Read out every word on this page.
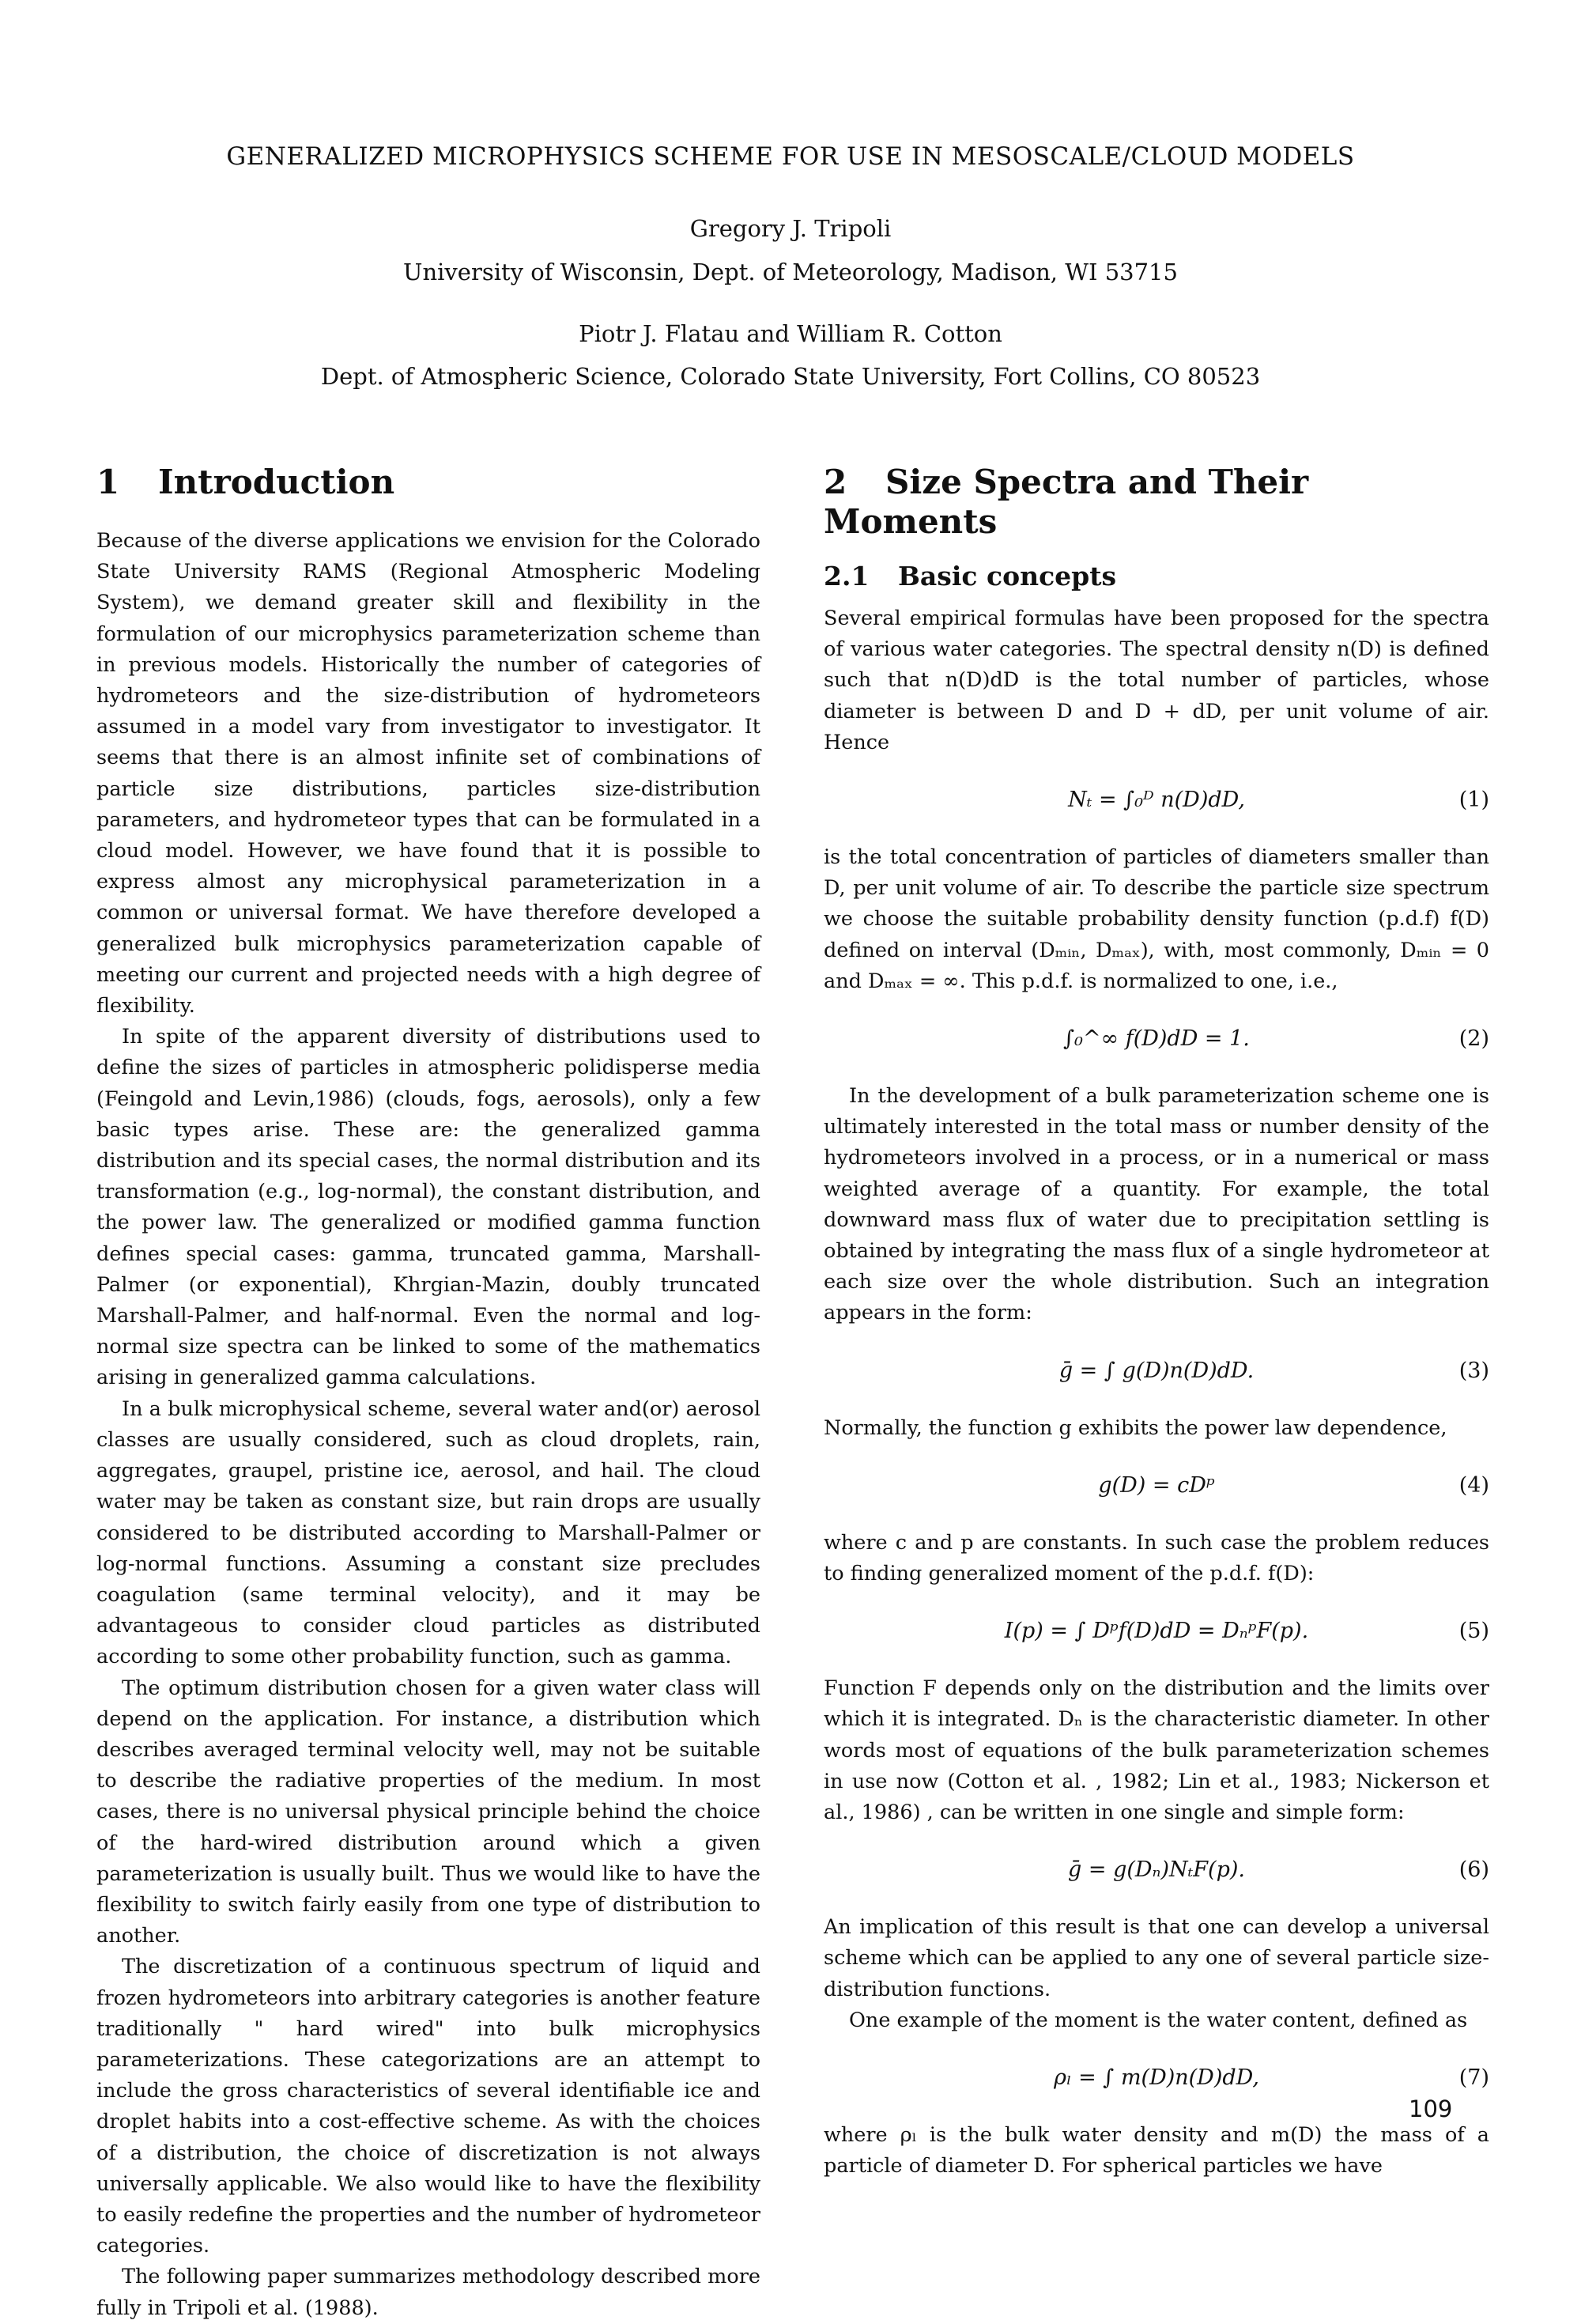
GENERALIZED MICROPHYSICS SCHEME FOR USE IN MESOSCALE/CLOUD MODELS
Gregory J. Tripoli
University of Wisconsin, Dept. of Meteorology, Madison, WI 53715
Piotr J. Flatau and William R. Cotton
Dept. of Atmospheric Science, Colorado State University, Fort Collins, CO 80523
1 Introduction

Because of the diverse applications we envision for the Colorado State University RAMS (Regional Atmospheric Modeling System), we demand greater skill and flexibility in the formulation of our microphysics parameterization scheme than in previous models. Historically the number of categories of hydrometeors and the size-distribution of hydrometeors assumed in a model vary from investigator to investigator. It seems that there is an almost infinite set of combinations of particle size distributions, particles size-distribution parameters, and hydrometeor types that can be formulated in a cloud model. However, we have found that it is possible to express almost any microphysical parameterization in a common or universal format. We have therefore developed a generalized bulk microphysics parameterization capable of meeting our current and projected needs with a high degree of flexibility.

In spite of the apparent diversity of distributions used to define the sizes of particles in atmospheric polidisperse media (Feingold and Levin,1986) (clouds, fogs, aerosols), only a few basic types arise. These are: the generalized gamma distribution and its special cases, the normal distribution and its transformation (e.g., log-normal), the constant distribution, and the power law. The generalized or modified gamma function defines special cases: gamma, truncated gamma, Marshall-Palmer (or exponential), Khrgian-Mazin, doubly truncated Marshall-Palmer, and half-normal. Even the normal and log-normal size spectra can be linked to some of the mathematics arising in generalized gamma calculations.

In a bulk microphysical scheme, several water and(or) aerosol classes are usually considered, such as cloud droplets, rain, aggregates, graupel, pristine ice, aerosol, and hail. The cloud water may be taken as constant size, but rain drops are usually considered to be distributed according to Marshall-Palmer or log-normal functions. Assuming a constant size precludes coagulation (same terminal velocity), and it may be advantageous to consider cloud particles as distributed according to some other probability function, such as gamma.

The optimum distribution chosen for a given water class will depend on the application. For instance, a distribution which describes averaged terminal velocity well, may not be suitable to describe the radiative properties of the medium. In most cases, there is no universal physical principle behind the choice of the hard-wired distribution around which a given parameterization is usually built. Thus we would like to have the flexibility to switch fairly easily from one type of distribution to another.

The discretization of a continuous spectrum of liquid and frozen hydrometeors into arbitrary categories is another feature traditionally " hard wired" into bulk microphysics parameterizations. These categorizations are an attempt to include the gross characteristics of several identifiable ice and droplet habits into a cost-effective scheme. As with the choices of a distribution, the choice of discretization is not always universally applicable. We also would like to have the flexibility to easily redefine the properties and the number of hydrometeor categories.

The following paper summarizes methodology described more fully in Tripoli et al. (1988).

2 Size Spectra and Their Moments
2.1 Basic concepts

Several empirical formulas have been proposed for the spectra of various water categories. The spectral density n(D) is defined such that n(D)dD is the total number of particles, whose diameter is between D and D + dD, per unit volume of air. Hence

Nₜ = ∫₀ᴰ n(D)dD,	(1)

is the total concentration of particles of diameters smaller than D, per unit volume of air. To describe the particle size spectrum we choose the suitable probability density function (p.d.f) f(D) defined on interval (Dₘᵢₙ, Dₘₐₓ), with, most commonly, Dₘᵢₙ = 0 and Dₘₐₓ = ∞. This p.d.f. is normalized to one, i.e.,

∫₀^∞ f(D)dD = 1.	(2)

In the development of a bulk parameterization scheme one is ultimately interested in the total mass or number density of the hydrometeors involved in a process, or in a numerical or mass weighted average of a quantity. For example, the total downward mass flux of water due to precipitation settling is obtained by integrating the mass flux of a single hydrometeor at each size over the whole distribution. Such an integration appears in the form:

ḡ = ∫ g(D)n(D)dD.	(3)

Normally, the function g exhibits the power law dependence,

g(D) = cDᵖ	(4)

where c and p are constants. In such case the problem reduces to finding generalized moment of the p.d.f. f(D):

I(p) = ∫ Dᵖf(D)dD = DₙᵖF(p).	(5)

Function F depends only on the distribution and the limits over which it is integrated. Dₙ is the characteristic diameter. In other words most of equations of the bulk parameterization schemes in use now (Cotton et al. , 1982; Lin et al., 1983; Nickerson et al., 1986) , can be written in one single and simple form:

ḡ = g(Dₙ)NₜF(p).	(6)

An implication of this result is that one can develop a universal scheme which can be applied to any one of several particle size-distribution functions.

One example of the moment is the water content, defined as

ρₗ = ∫ m(D)n(D)dD,	(7)

where ρₗ is the bulk water density and m(D) the mass of a particle of diameter D. For spherical particles we have

109
